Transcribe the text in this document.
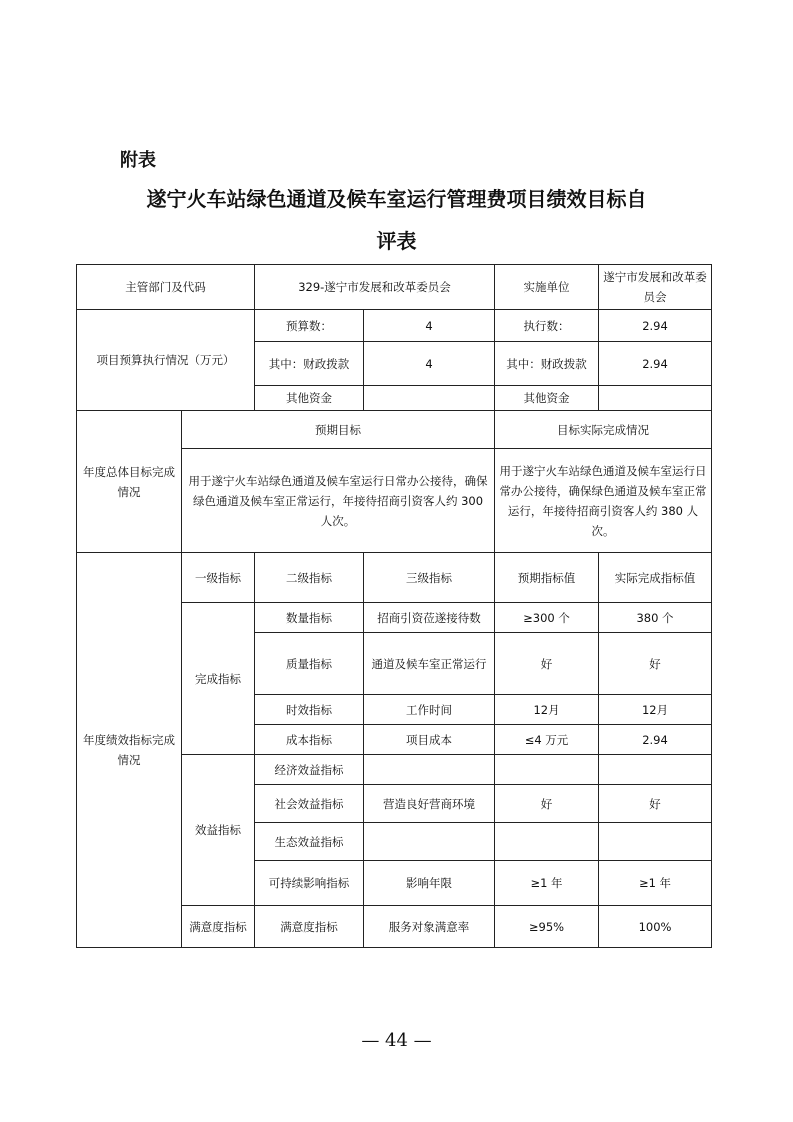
附表
遂宁火车站绿色通道及候车室运行管理费项目绩效目标自
评表
主管部门及代码		329-遂宁市发展和改革委员会		实施单位	遂宁市发展和改革委员会
项目预算执行情况（万元）		预算数：	4	执行数：	2.94
		其中：财政拨款	4	其中：财政拨款	2.94
		其他资金		其他资金	
年度总体目标完成情况	预期目标			目标实际完成情况	
	用于遂宁火车站绿色通道及候车室运行日常办公接待，确保绿色通道及候车室正常运行，年接待招商引资客人约 300 人次。			用于遂宁火车站绿色通道及候车室运行日常办公接待，确保绿色通道及候车室正常运行，年接待招商引资客人约 380 人次。	
年度绩效指标完成情况	一级指标	二级指标	三级指标	预期指标值	实际完成指标值
	完成指标	数量指标	招商引资莅遂接待数	≥300 个	380 个
		质量指标	通道及候车室正常运行	好	好
		时效指标	工作时间	12月	12月
		成本指标	项目成本	≤4 万元	2.94
	效益指标	经济效益指标			
		社会效益指标	营造良好营商环境	好	好
		生态效益指标			
		可持续影响指标	影响年限	≥1 年	≥1 年
	满意度指标	满意度指标	服务对象满意率	≥95%	100%
— 44 —
